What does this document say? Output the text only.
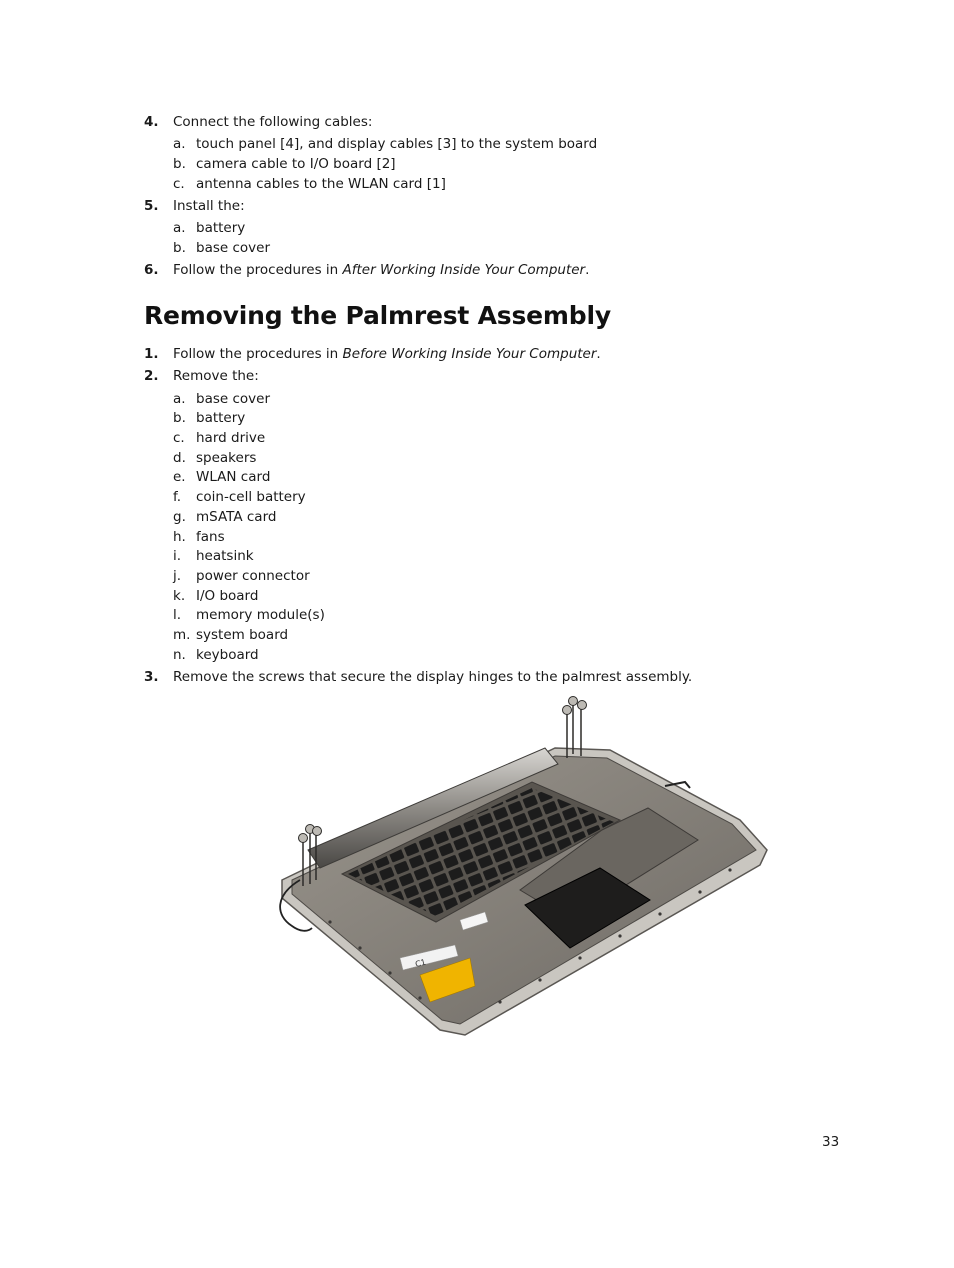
4. Connect the following cables:
a. touch panel [4], and display cables [3] to the system board
b. camera cable to I/O board [2]
c. antenna cables to the WLAN card [1]
5. Install the:
a. battery
b. base cover
6. Follow the procedures in After Working Inside Your Computer.
Removing the Palmrest Assembly
1. Follow the procedures in Before Working Inside Your Computer.
2. Remove the:
a. base cover
b. battery
c. hard drive
d. speakers
e. WLAN card
f. coin-cell battery
g. mSATA card
h. fans
i. heatsink
j. power connector
k. I/O board
l. memory module(s)
m. system board
n. keyboard
3. Remove the screws that secure the display hinges to the palmrest assembly.
C1
33
